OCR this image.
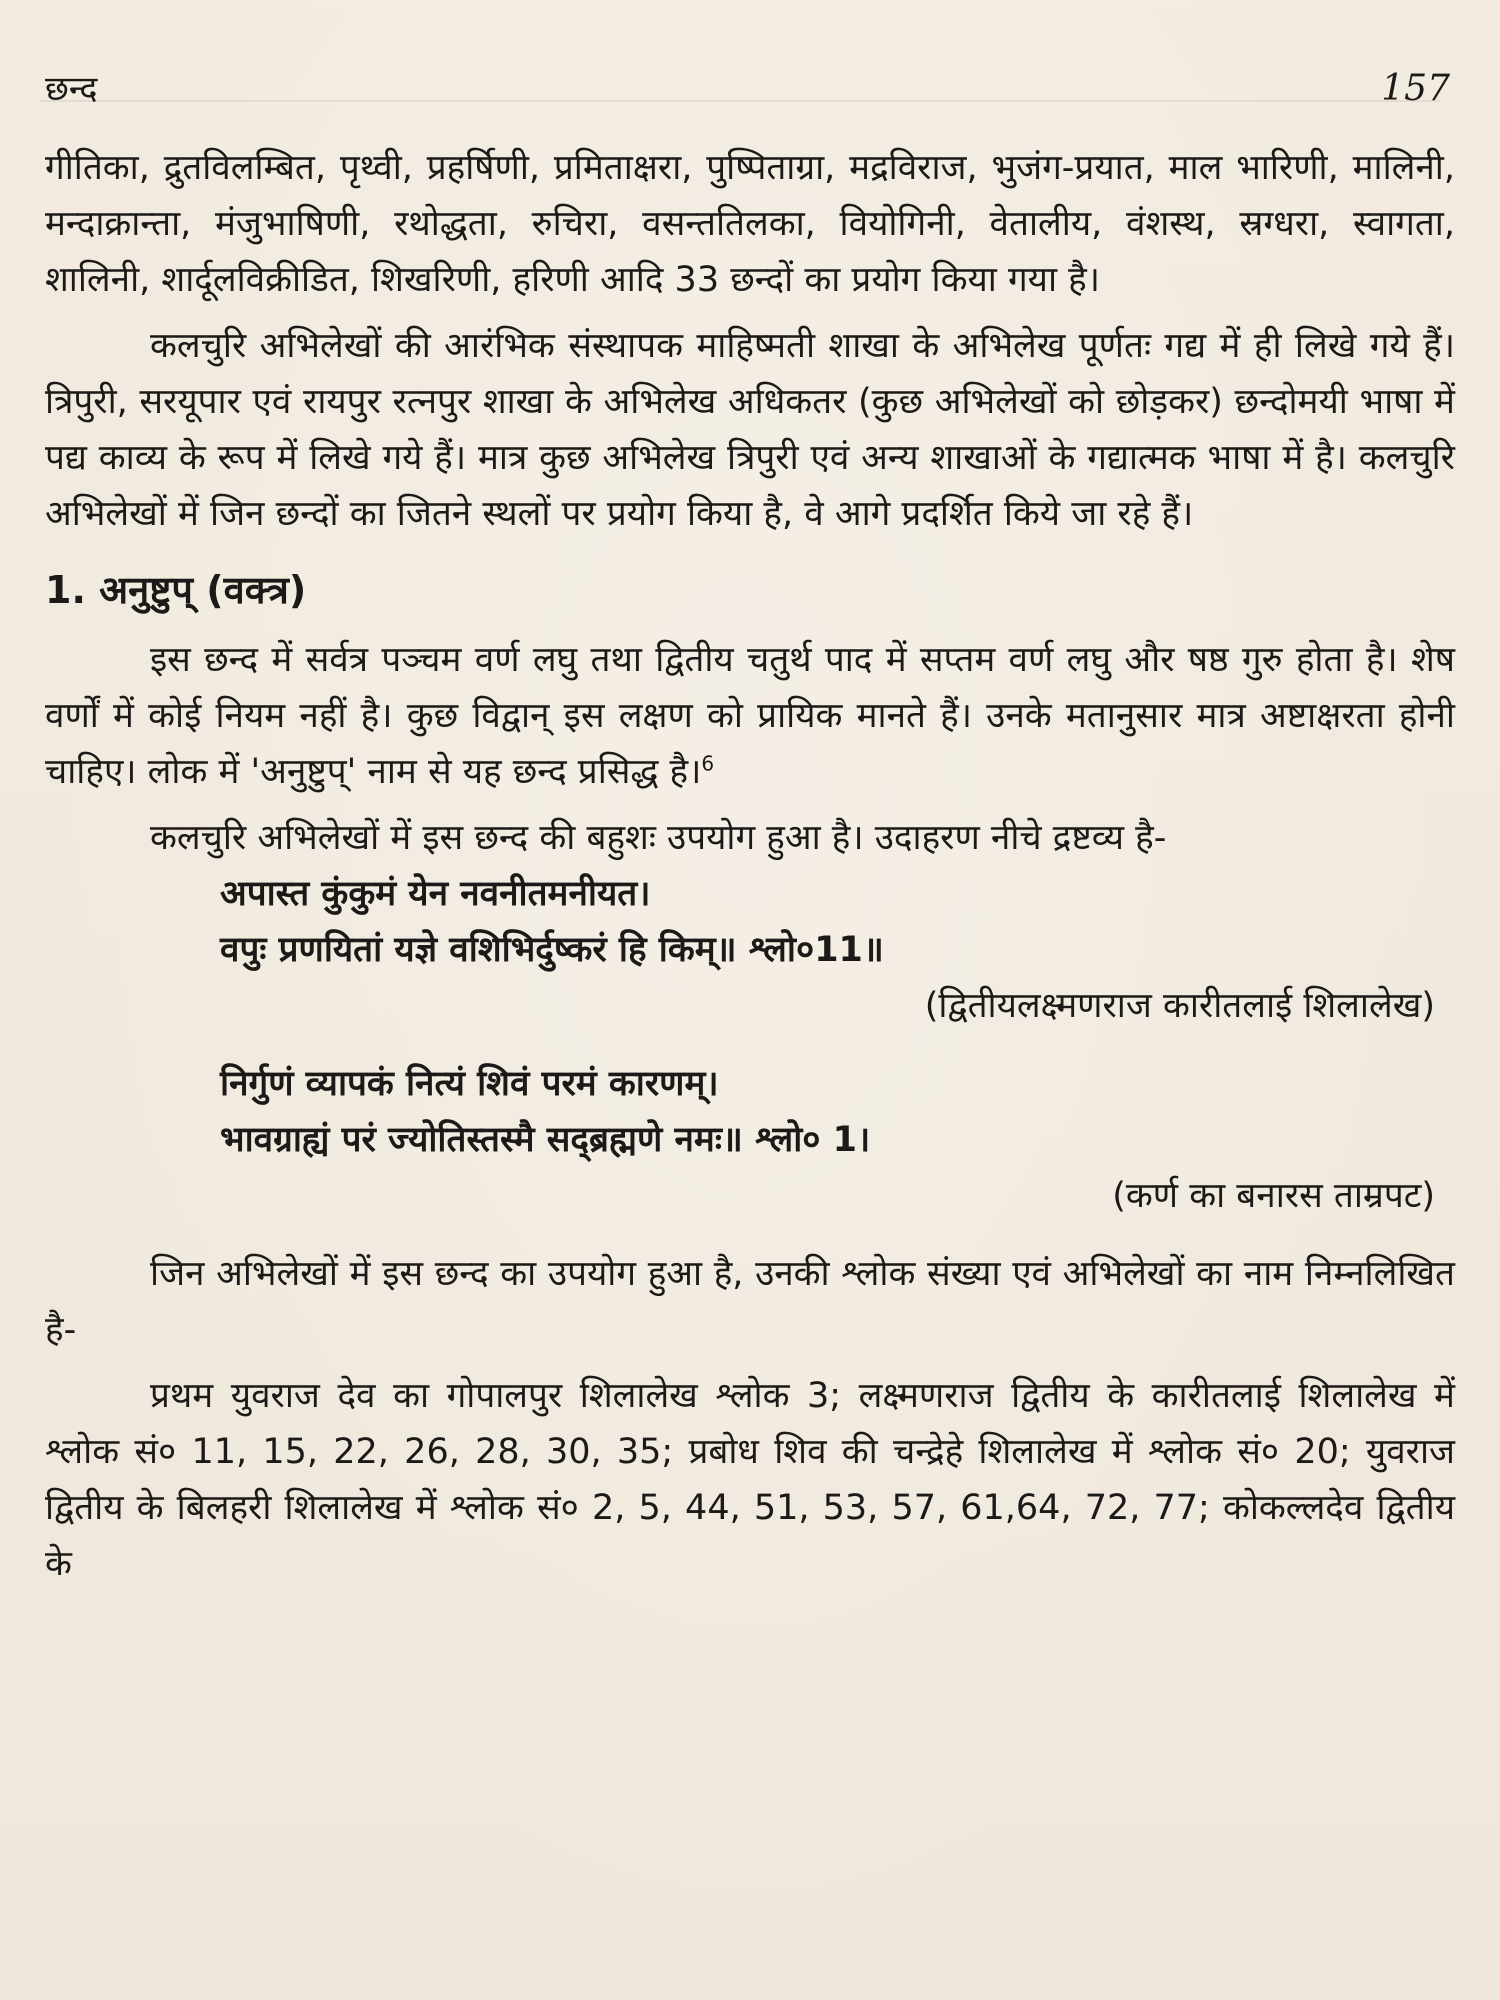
छन्द	157

गीतिका, द्रुतविलम्बित, पृथ्वी, प्रहर्षिणी, प्रमिताक्षरा, पुष्पिताग्रा, मद्रविराज, भुजंग-प्रयात, माल भारिणी, मालिनी, मन्दाक्रान्ता, मंजुभाषिणी, रथोद्धता, रुचिरा, वसन्ततिलका, वियोगिनी, वेतालीय, वंशस्थ, स्रग्धरा, स्वागता, शालिनी, शार्दूलविक्रीडित, शिखरिणी, हरिणी आदि 33 छन्दों का प्रयोग किया गया है।

कलचुरि अभिलेखों की आरंभिक संस्थापक माहिष्मती शाखा के अभिलेख पूर्णतः गद्य में ही लिखे गये हैं। त्रिपुरी, सरयूपार एवं रायपुर रत्नपुर शाखा के अभिलेख अधिकतर (कुछ अभिलेखों को छोड़कर) छन्दोमयी भाषा में पद्य काव्य के रूप में लिखे गये हैं। मात्र कुछ अभिलेख त्रिपुरी एवं अन्य शाखाओं के गद्यात्मक भाषा में है। कलचुरि अभिलेखों में जिन छन्दों का जितने स्थलों पर प्रयोग किया है, वे आगे प्रदर्शित किये जा रहे हैं।

1. अनुष्टुप् (वक्त्र)

इस छन्द में सर्वत्र पञ्चम वर्ण लघु तथा द्वितीय चतुर्थ पाद में सप्तम वर्ण लघु और षष्ठ गुरु होता है। शेष वर्णों में कोई नियम नहीं है। कुछ विद्वान् इस लक्षण को प्रायिक मानते हैं। उनके मतानुसार मात्र अष्टाक्षरता होनी चाहिए। लोक में 'अनुष्टुप्' नाम से यह छन्द प्रसिद्ध है।$^6$

कलचुरि अभिलेखों में इस छन्द की बहुशः उपयोग हुआ है। उदाहरण नीचे द्रष्टव्य है-

अपास्त कुंकुमं येन नवनीतमनीयत।

वपुः प्रणयितां यज्ञे वशिभिर्दुष्करं हि किम्॥ श्लो०11॥

(द्वितीयलक्ष्मणराज कारीतलाई शिलालेख)

निर्गुणं व्यापकं नित्यं शिवं परमं कारणम्।

भावग्राह्यं परं ज्योतिस्तस्मै सद्ब्रह्मणे नमः॥ श्लो० 1।

(कर्ण का बनारस ताम्रपट)

जिन अभिलेखों में इस छन्द का उपयोग हुआ है, उनकी श्लोक संख्या एवं अभिलेखों का नाम निम्नलिखित है-

प्रथम युवराज देव का गोपालपुर शिलालेख श्लोक 3; लक्ष्मणराज द्वितीय के कारीतलाई शिलालेख में श्लोक सं० 11, 15, 22, 26, 28, 30, 35; प्रबोध शिव की चन्द्रेहे शिलालेख में श्लोक सं० 20; युवराज द्वितीय के बिलहरी शिलालेख में श्लोक सं० 2, 5, 44, 51, 53, 57, 61,64, 72, 77; कोकल्लदेव द्वितीय के
